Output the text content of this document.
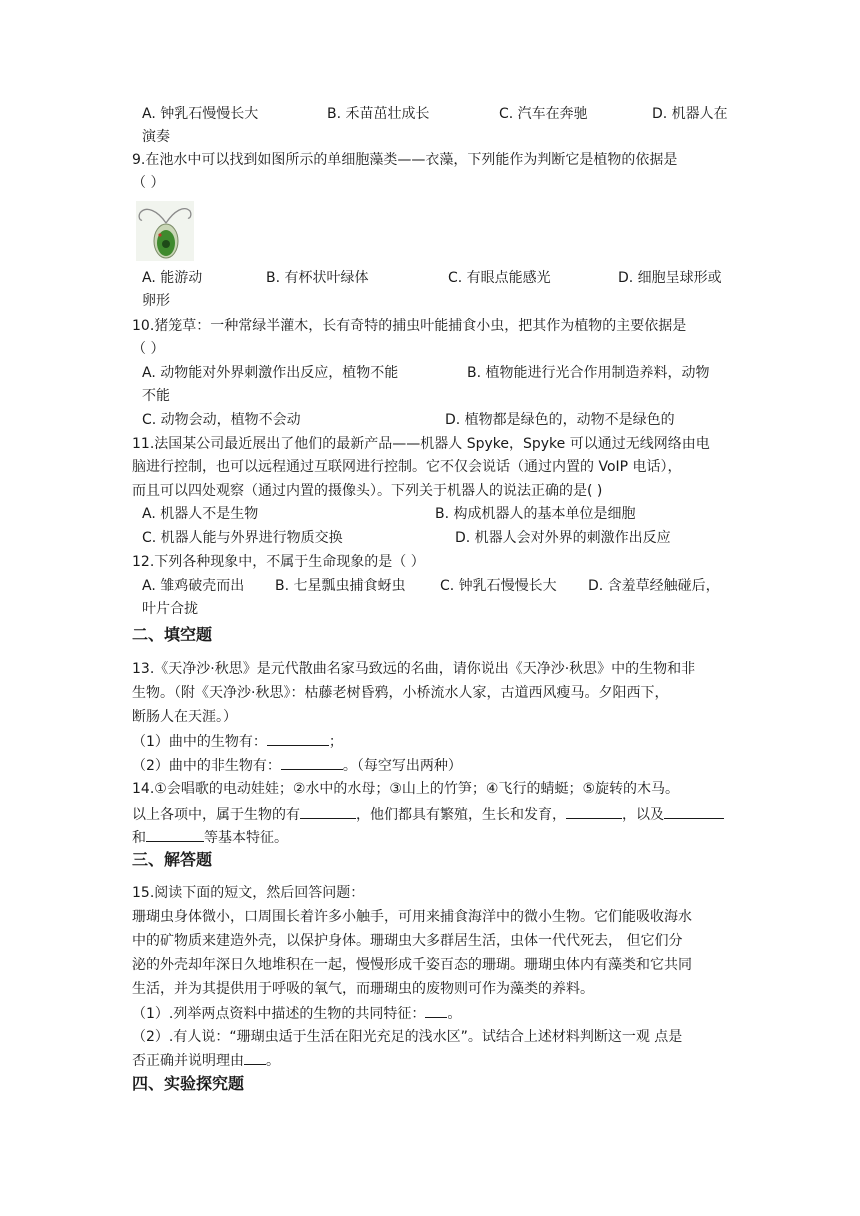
A. 钟乳石慢慢长大	B. 禾苗茁壮成长	C. 汽车在奔驰	D. 机器人在
演奏
9.在池水中可以找到如图所示的单细胞藻类——衣藻，下列能作为判断它是植物的依据是
（ ）
A. 能游动	B. 有杯状叶绿体	C. 有眼点能感光	D. 细胞呈球形或
卵形
10.猪笼草：一种常绿半灌木，长有奇特的捕虫叶能捕食小虫，把其作为植物的主要依据是
（ ）
A. 动物能对外界刺激作出反应，植物不能	B. 植物能进行光合作用制造养料，动物
不能
C. 动物会动，植物不会动	D. 植物都是绿色的，动物不是绿色的
11.法国某公司最近展出了他们的最新产品——机器人 Spyke，Spyke 可以通过无线网络由电
脑进行控制，也可以远程通过互联网进行控制。它不仅会说话（通过内置的 VoIP 电话），
而且可以四处观察（通过内置的摄像头）。下列关于机器人的说法正确的是( )
A. 机器人不是生物	B. 构成机器人的基本单位是细胞
C. 机器人能与外界进行物质交换	D. 机器人会对外界的刺激作出反应
12.下列各种现象中，不属于生命现象的是（ ）
A. 雏鸡破壳而出 B. 七星瓢虫捕食蚜虫 C. 钟乳石慢慢长大 D. 含羞草经触碰后，
叶片合拢
二、填空题
13.《天净沙·秋思》是元代散曲名家马致远的名曲，请你说出《天净沙·秋思》中的生物和非
生物。（附《天净沙·秋思》：枯藤老树昏鸦，小桥流水人家，古道西风瘦马。夕阳西下，
断肠人在天涯。）
（1）曲中的生物有：	；
（2）曲中的非生物有：	。（每空写出两种）
14.①会唱歌的电动娃娃；②水中的水母；③山上的竹笋；④飞行的蜻蜓；⑤旋转的木马。
以上各项中，属于生物的有	，他们都具有繁殖，生长和发育，	，以及
和	等基本特征。
三、解答题
15.阅读下面的短文，然后回答问题：
珊瑚虫身体微小，口周围长着许多小触手，可用来捕食海洋中的微小生物。它们能吸收海水
中的矿物质来建造外壳，以保护身体。珊瑚虫大多群居生活，虫体一代代死去， 但它们分
泌的外壳却年深日久地堆积在一起，慢慢形成千姿百态的珊瑚。珊瑚虫体内有藻类和它共同
生活，并为其提供用于呼吸的氧气，而珊瑚虫的废物则可作为藻类的养料。
（1）.列举两点资料中描述的生物的共同特征： 。
（2）.有人说：“珊瑚虫适于生活在阳光充足的浅水区”。试结合上述材料判断这一观 点是
否正确并说明理由 。
四、实验探究题
